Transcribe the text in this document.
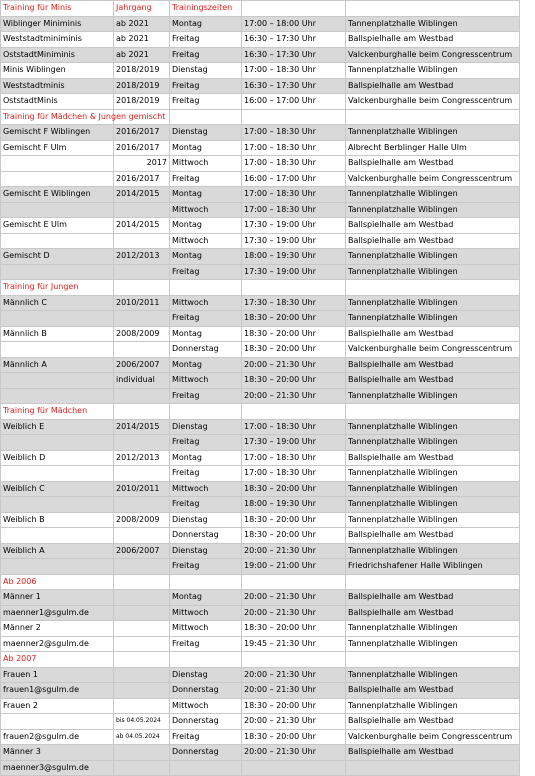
Training für Minis	Jahrgang	Trainingszeiten		
Wiblinger Miniminis	ab 2021	Montag	17:00 – 18:00 Uhr	Tannenplatzhalle Wiblingen
Weststadtminiminis	ab 2021	Freitag	16:30 – 17:30 Uhr	Ballspielhalle am Westbad
OststadtMiniminis	ab 2021	Freitag	16:30 – 17:30 Uhr	Valckenburghalle beim Congresscentrum
Minis Wiblingen	2018/2019	Dienstag	17:00 – 18:30 Uhr	Tannenplatzhalle Wiblingen
Weststadtminis	2018/2019	Freitag	16:30 – 17:30 Uhr	Ballspielhalle am Westbad
OststadtMinis	2018/2019	Freitag	16:00 – 17:00 Uhr	Valckenburghalle beim Congresscentrum
Training für Mädchen & Jungen gemischt				
Gemischt F Wiblingen	2016/2017	Dienstag	17:00 – 18:30 Uhr	Tannenplatzhalle Wiblingen
Gemischt F Ulm	2016/2017	Montag	17:00 – 18:30 Uhr	Albrecht Berblinger Halle Ulm
	2017	Mittwoch	17:00 – 18:30 Uhr	Ballspielhalle am Westbad
	2016/2017	Freitag	16:00 – 17:00 Uhr	Valckenburghalle beim Congresscentrum
Gemischt E Wiblingen	2014/2015	Montag	17:00 – 18:30 Uhr	Tannenplatzhalle Wiblingen
		Mittwoch	17:00 – 18:30 Uhr	Tannenplatzhalle Wiblingen
Gemischt E Ulm	2014/2015	Montag	17:30 – 19:00 Uhr	Ballspielhalle am Westbad
		Mittwoch	17:30 – 19:00 Uhr	Ballspielhalle am Westbad
Gemischt D	2012/2013	Montag	18:00 – 19:30 Uhr	Tannenplatzhalle Wiblingen
		Freitag	17:30 – 19:00 Uhr	Tannenplatzhalle Wiblingen
Training für Jungen				
Männlich C	2010/2011	Mittwoch	17:30 – 18:30 Uhr	Tannenplatzhalle Wiblingen
		Freitag	18:30 – 20:00 Uhr	Tannenplatzhalle Wiblingen
Männlich B	2008/2009	Montag	18:30 – 20:00 Uhr	Ballspielhalle am Westbad
		Donnerstag	18:30 – 20:00 Uhr	Valckenburghalle beim Congresscentrum
Männlich A	2006/2007	Montag	20:00 – 21:30 Uhr	Ballspielhalle am Westbad
	individual	Mittwoch	18:30 – 20:00 Uhr	Ballspielhalle am Westbad
		Freitag	20:00 – 21:30 Uhr	Tannenplatzhalle Wiblingen
Training für Mädchen				
Weiblich E	2014/2015	Dienstag	17:00 – 18:30 Uhr	Tannenplatzhalle Wiblingen
		Freitag	17:30 – 19:00 Uhr	Tannenplatzhalle Wiblingen
Weiblich D	2012/2013	Montag	17:00 – 18:30 Uhr	Ballspielhalle am Westbad
		Freitag	17:00 – 18:30 Uhr	Tannenplatzhalle Wiblingen
Weiblich C	2010/2011	Mittwoch	18:30 – 20:00 Uhr	Tannenplatzhalle Wiblingen
		Freitag	18:00 – 19:30 Uhr	Tannenplatzhalle Wiblingen
Weiblich B	2008/2009	Dienstag	18:30 – 20:00 Uhr	Tannenplatzhalle Wiblingen
		Donnerstag	18:30 – 20:00 Uhr	Ballspielhalle am Westbad
Weiblich A	2006/2007	Dienstag	20:00 – 21:30 Uhr	Tannenplatzhalle Wiblingen
		Freitag	19:00 – 21:00 Uhr	Friedrichshafener Halle Wiblingen
Ab 2006				
Männer 1		Montag	20:00 – 21:30 Uhr	Ballspielhalle am Westbad
maenner1@sgulm.de		Mittwoch	20:00 – 21:30 Uhr	Ballspielhalle am Westbad
Männer 2		Mittwoch	18:30 – 20:00 Uhr	Tannenplatzhalle Wiblingen
maenner2@sgulm.de		Freitag	19:45 – 21:30 Uhr	Tannenplatzhalle Wiblingen
Ab 2007				
Frauen 1		Dienstag	20:00 – 21:30 Uhr	Tannenplatzhalle Wiblingen
frauen1@sgulm.de		Donnerstag	20:00 – 21:30 Uhr	Ballspielhalle am Westbad
Frauen 2		Mittwoch	18:30 – 20:00 Uhr	Tannenplatzhalle Wiblingen
	bis 04.05.2024	Donnerstag	20:00 – 21:30 Uhr	Ballspielhalle am Westbad
frauen2@sgulm.de	ab 04.05.2024	Freitag	18:30 – 20:00 Uhr	Valckenburghalle beim Congresscentrum
Männer 3		Donnerstag	20:00 – 21:30 Uhr	Ballspielhalle am Westbad
maenner3@sgulm.de				
